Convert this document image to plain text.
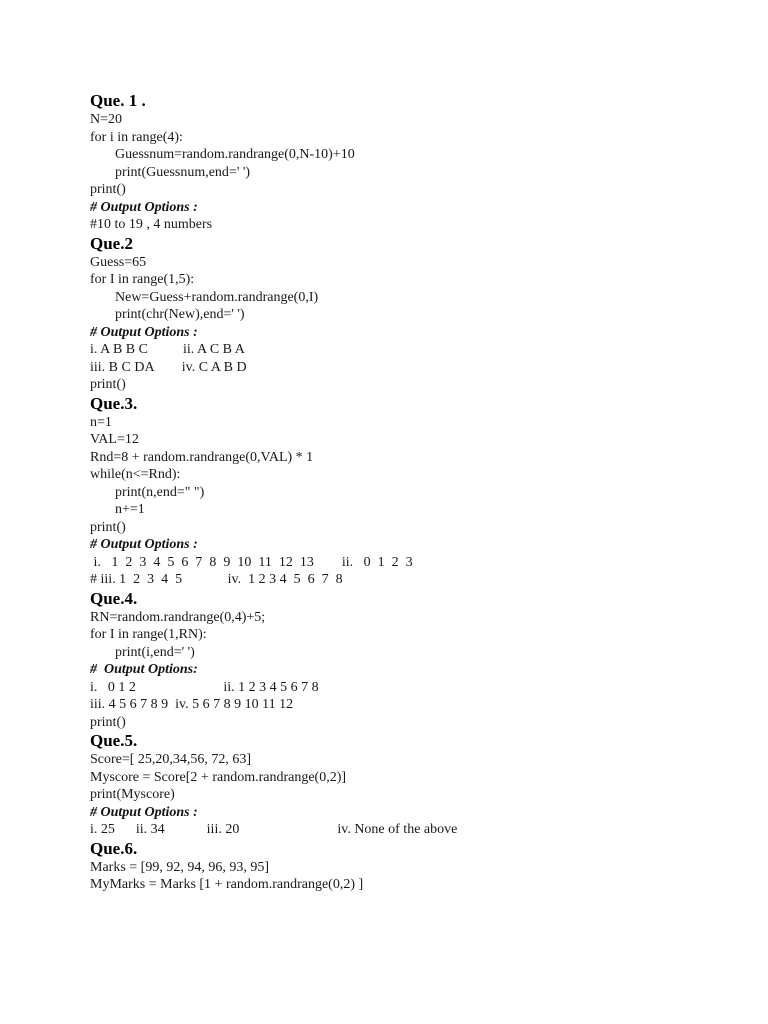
Que. 1 .
N=20
for i in range(4):
Guessnum=random.randrange(0,N-10)+10
print(Guessnum,end=' ')
print()
# Output Options :
#10 to 19 , 4 numbers
Que.2
Guess=65
for I in range(1,5):
New=Guess+random.randrange(0,I)
print(chr(New),end=' ')
# Output Options :
i. A B B C          ii. A C B A
iii. B C DA        iv. C A B D
print()
Que.3.
n=1
VAL=12
Rnd=8 + random.randrange(0,VAL) * 1
while(n<=Rnd):
print(n,end=" ")
n+=1
print()
# Output Options :
i.   1  2  3  4  5  6  7  8  9  10  11  12  13        ii.   0  1  2  3
# iii. 1  2  3  4  5             iv.  1 2 3 4  5  6  7  8
Que.4.
RN=random.randrange(0,4)+5;
for I in range(1,RN):
print(i,end=' ')
#  Output Options:
i.   0 1 2                         ii. 1 2 3 4 5 6 7 8
iii. 4 5 6 7 8 9  iv. 5 6 7 8 9 10 11 12
print()
Que.5.
Score=[ 25,20,34,56, 72, 63]
Myscore = Score[2 + random.randrange(0,2)]
print(Myscore)
# Output Options :
i. 25      ii. 34            iii. 20                            iv. None of the above
Que.6.
Marks = [99, 92, 94, 96, 93, 95]
MyMarks = Marks [1 + random.randrange(0,2) ]
